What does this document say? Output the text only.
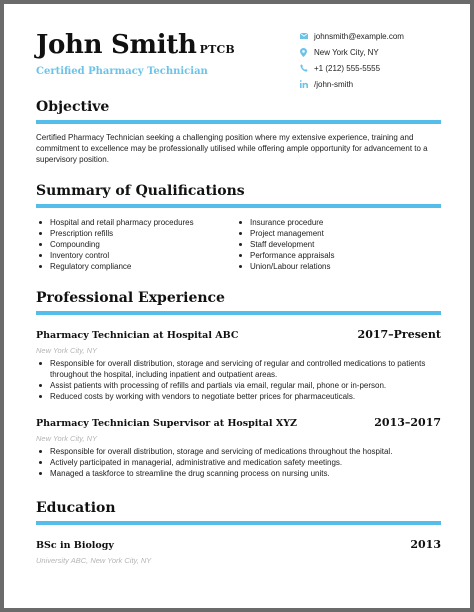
John Smith PTCB
Certified Pharmacy Technician
johnsmith@example.com
New York City, NY
+1 (212) 555-5555
/john-smith
Objective

Certified Pharmacy Technician seeking a challenging position where my extensive experience, training and commitment to excellence may be professionally utilised while offering ample opportunity for advancement to a supervisory position.

Summary of Qualifications
Hospital and retail pharmacy procedures
Prescription refills
Compounding
Inventory control
Regulatory compliance
Insurance procedure
Project management
Staff development
Performance appraisals
Union/Labour relations
Professional Experience
Pharmacy Technician at Hospital ABC	2017–Present
New York City, NY
Responsible for overall distribution, storage and servicing of regular and controlled medications to patients throughout the hospital, including inpatient and outpatient areas.
Assist patients with processing of refills and partials via email, regular mail, phone or in-person.
Reduced costs by working with vendors to negotiate better prices for pharmaceuticals.
Pharmacy Technician Supervisor at Hospital XYZ	2013–2017
New York City, NY
Responsible for overall distribution, storage and servicing of medications throughout the hospital.
Actively participated in managerial, administrative and medication safety meetings.
Managed a taskforce to streamline the drug scanning process on nursing units.
Education
BSc in Biology	2013
University ABC, New York City, NY
